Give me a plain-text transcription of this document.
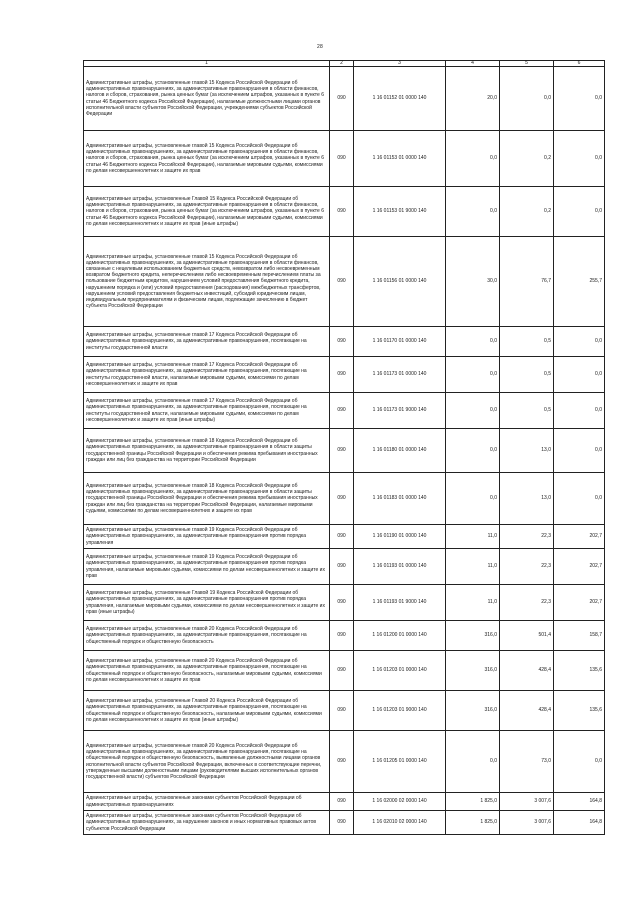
28
1	2	3	4	5	6
Административные штрафы, установленные главой 15 Кодекса Российской Федерации об административных правонарушениях, за административные правонарушения в области финансов, налогов и сборов, страхования, рынка ценных бумаг (за исключением штрафов, указанных в пункте 6 статьи 46 Бюджетного кодекса Российской Федерации), налагаемые должностными лицами органов исполнительной власти субъектов Российской Федерации, учреждениями субъектов Российской Федерации	090	1 16 01152 01 0000 140	20,0	0,0	0,0
Административные штрафы, установленные главой 15 Кодекса Российской Федерации об административных правонарушениях, за административные правонарушения в области финансов, налогов и сборов, страхования, рынка ценных бумаг (за исключением штрафов, указанных в пункте 6 статьи 46 Бюджетного кодекса Российской Федерации), налагаемые мировыми судьями, комиссиями по делам несовершеннолетних и защите их прав	090	1 16 01153 01 0000 140	0,0	0,2	0,0
Административные штрафы, установленные Главой 15 Кодекса Российской Федерации об административных правонарушениях, за административные правонарушения в области финансов, налогов и сборов, страхования, рынка ценных бумаг (за исключением штрафов, указанных в пункте 6 статьи 46 Бюджетного кодекса Российской Федерации), налагаемые мировыми судьями, комиссиями по делам несовершеннолетних и защите их прав (иные штрафы)	090	1 16 01153 01 9000 140	0,0	0,2	0,0
Административные штрафы, установленные главой 15 Кодекса Российской Федерации об административных правонарушениях, за административные правонарушения в области финансов, связанные с нецелевым использованием бюджетных средств, невозвратом либо несвоевременным возвратом бюджетного кредита, неперечислением либо несвоевременным перечислением платы за пользование бюджетным кредитом, нарушением условий предоставления бюджетного кредита, нарушением порядка и (или) условий предоставления (расходования) межбюджетных трансфертов, нарушением условий предоставления бюджетных инвестиций, субсидий юридическим лицам, индивидуальным предпринимателям и физическим лицам, подлежащие зачислению в бюджет субъекта Российской Федерации	090	1 16 01156 01 0000 140	30,0	76,7	255,7
Административные штрафы, установленные главой 17 Кодекса Российской Федерации об административных правонарушениях, за административные правонарушения, посягающие на институты государственной власти	090	1 16 01170 01 0000 140	0,0	0,5	0,0
Административные штрафы, установленные главой 17 Кодекса Российской Федерации об административных правонарушениях, за административные правонарушения, посягающие на институты государственной власти, налагаемые мировыми судьями, комиссиями по делам несовершеннолетних и защите их прав	090	1 16 01173 01 0000 140	0,0	0,5	0,0
Административные штрафы, установленные главой 17 Кодекса Российской Федерации об административных правонарушениях, за административные правонарушения, посягающие на институты государственной власти, налагаемые мировыми судьями, комиссиями по делам несовершеннолетних и защите их прав (иные штрафы)	090	1 16 01173 01 9000 140	0,0	0,5	0,0
Административные штрафы, установленные главой 18 Кодекса Российской Федерации об административных правонарушениях, за административные правонарушения в области защиты государственной границы Российской Федерации и обеспечения режима пребывания иностранных граждан или лиц без гражданства на территории Российской Федерации	090	1 16 01180 01 0000 140	0,0	13,0	0,0
Административные штрафы, установленные главой 18 Кодекса Российской Федерации об административных правонарушениях, за административные правонарушения в области защиты государственной границы Российской Федерации и обеспечения режима пребывания иностранных граждан или лиц без гражданства на территории Российской Федерации, налагаемые мировыми судьями, комиссиями по делам несовершеннолетних и защите их прав	090	1 16 01183 01 0000 140	0,0	13,0	0,0
Административные штрафы, установленные главой 19 Кодекса Российской Федерации об административных правонарушениях, за административные правонарушения против порядка управления	090	1 16 01190 01 0000 140	11,0	22,3	202,7
Административные штрафы, установленные главой 19 Кодекса Российской Федерации об административных правонарушениях, за административные правонарушения против порядка управления, налагаемые мировыми судьями, комиссиями по делам несовершеннолетних и защите их прав	090	1 16 01193 01 0000 140	11,0	22,3	202,7
Административные штрафы, установленные Главой 19 Кодекса Российской Федерации об административных правонарушениях, за административные правонарушения против порядка управления, налагаемые мировыми судьями, комиссиями по делам несовершеннолетних и защите их прав (иные штрафы)	090	1 16 01193 01 9000 140	11,0	22,3	202,7
Административные штрафы, установленные главой 20 Кодекса Российской Федерации об административных правонарушениях, за административные правонарушения, посягающие на общественный порядок и общественную безопасность	090	1 16 01200 01 0000 140	316,0	501,4	158,7
Административные штрафы, установленные главой 20 Кодекса Российской Федерации об административных правонарушениях, за административные правонарушения, посягающие на общественный порядок и общественную безопасность, налагаемые мировыми судьями, комиссиями по делам несовершеннолетних и защите их прав	090	1 16 01203 01 0000 140	316,0	428,4	135,6
Административные штрафы, установленные Главой 20 Кодекса Российской Федерации об административных правонарушениях, за административные правонарушения, посягающие на общественный порядок и общественную безопасность, налагаемые мировыми судьями, комиссиями по делам несовершеннолетних и защите их прав (иные штрафы)	090	1 16 01203 01 9000 140	316,0	428,4	135,6
Административные штрафы, установленные главой 20 Кодекса Российской Федерации об административных правонарушениях, за административные правонарушения, посягающие на общественный порядок и общественную безопасность, выявленные должностными лицами органов исполнительной власти субъектов Российской Федерации, включенных в соответствующие перечни, утвержденные высшими должностными лицами (руководителями высших исполнительных органов государственной власти) субъектов Российской Федерации	090	1 16 01205 01 0000 140	0,0	73,0	0,0
Административные штрафы, установленные законами субъектов Российской Федерации об административных правонарушениях	090	1 16 02000 02 0000 140	1 825,0	3 007,6	164,8
Административные штрафы, установленные законами субъектов Российской Федерации об административных правонарушениях, за нарушение законов и иных нормативных правовых актов субъектов Российской Федерации	090	1 16 02010 02 0000 140	1 825,0	3 007,6	164,8
